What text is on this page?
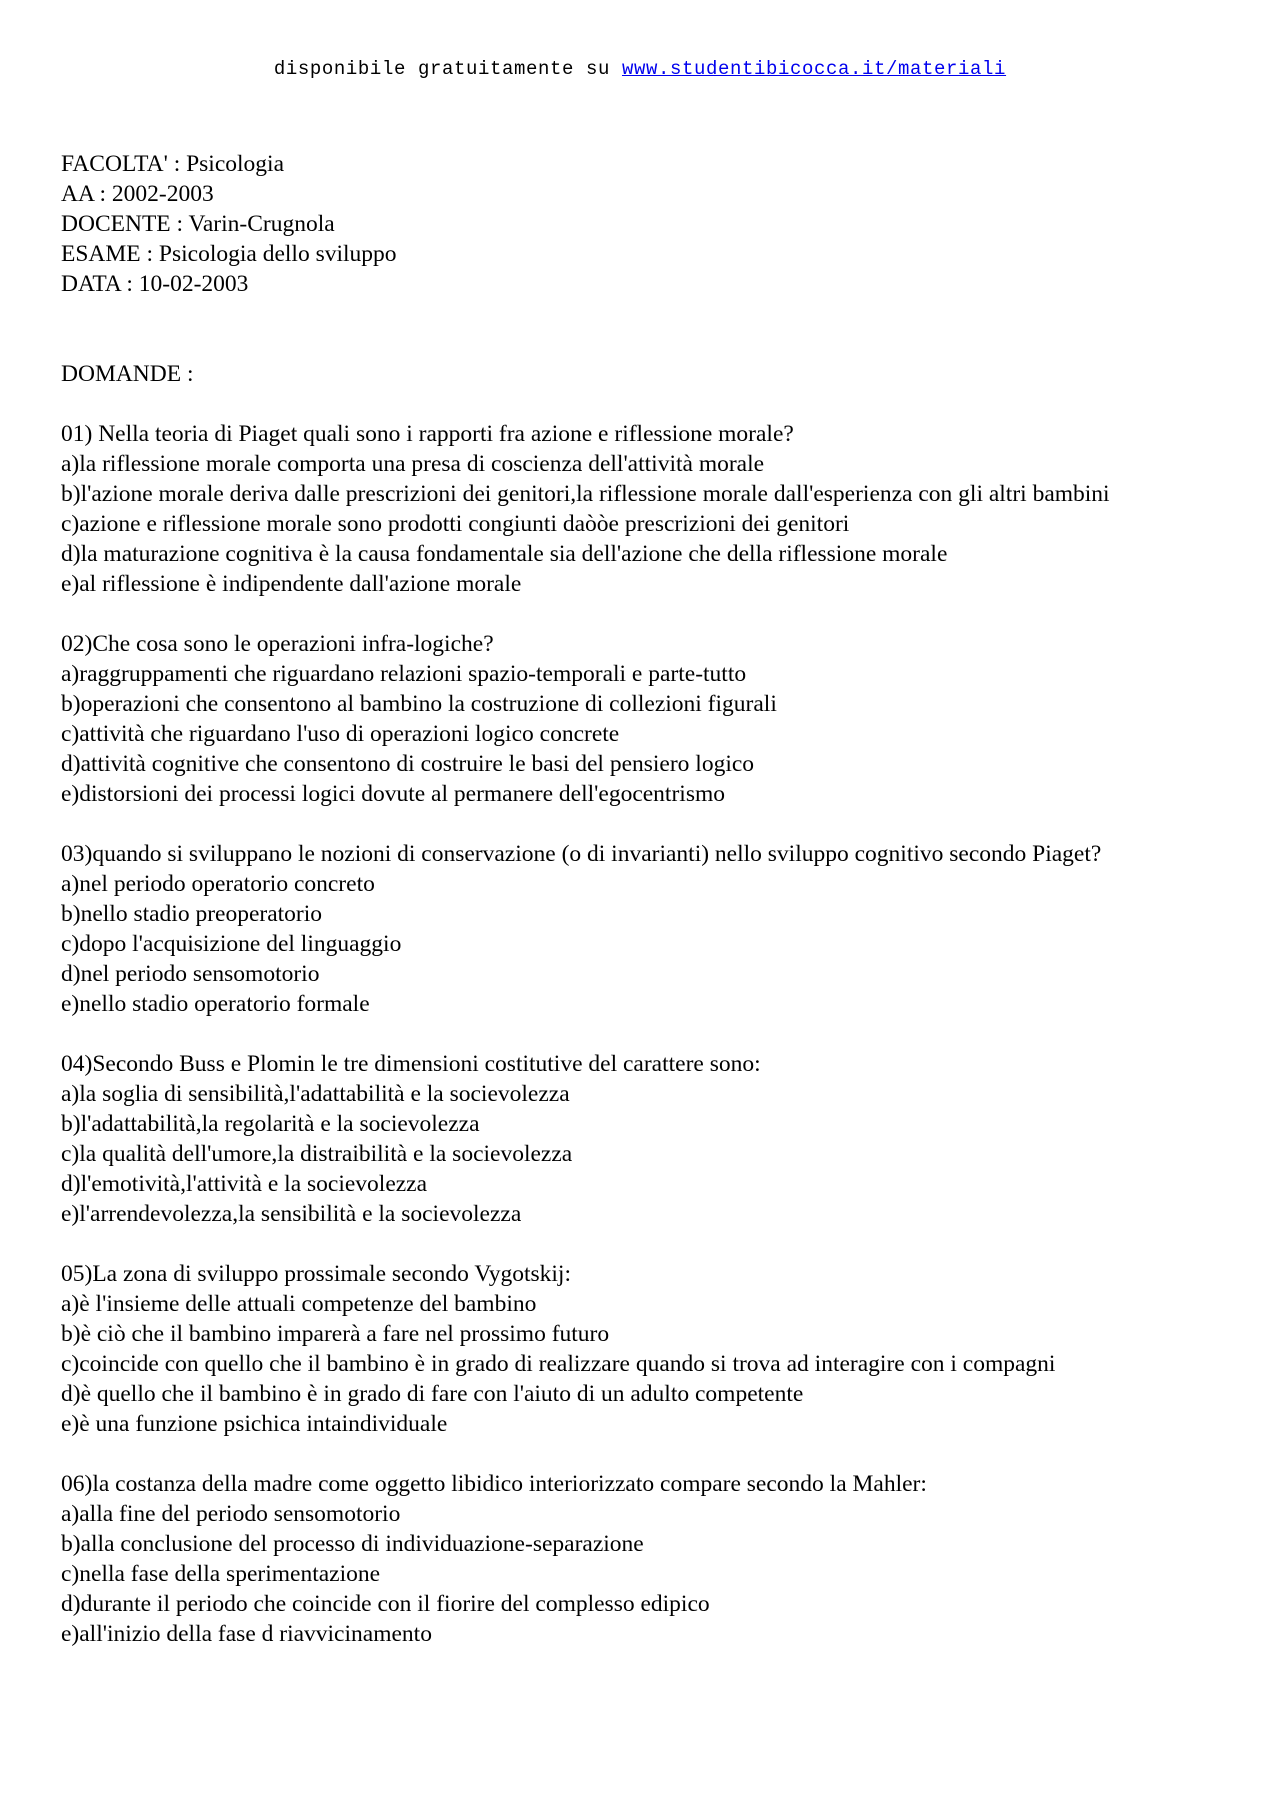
disponibile gratuitamente su www.studentibicocca.it/materiali
FACOLTA' : Psicologia
AA : 2002-2003
DOCENTE : Varin-Crugnola
ESAME : Psicologia dello sviluppo
DATA : 10-02-2003
DOMANDE :
01) Nella teoria di Piaget quali sono i rapporti fra azione e riflessione morale?
a)la riflessione morale comporta una presa di coscienza dell'attività morale
b)l'azione morale deriva dalle prescrizioni dei genitori,la riflessione morale dall'esperienza con gli altri bambini
c)azione e riflessione morale sono prodotti congiunti daòòe prescrizioni dei genitori
d)la maturazione cognitiva è la causa fondamentale sia dell'azione che della riflessione morale
e)al riflessione è indipendente dall'azione morale
02)Che cosa sono le operazioni infra-logiche?
a)raggruppamenti che riguardano relazioni spazio-temporali e parte-tutto
b)operazioni che consentono al bambino la costruzione di collezioni figurali
c)attività che riguardano l'uso di operazioni logico concrete
d)attività cognitive che consentono di costruire le basi del pensiero logico
e)distorsioni dei processi logici dovute al permanere dell'egocentrismo
03)quando si sviluppano le nozioni di conservazione (o di invarianti) nello sviluppo cognitivo secondo Piaget?
a)nel periodo operatorio concreto
b)nello stadio preoperatorio
c)dopo l'acquisizione del linguaggio
d)nel periodo sensomotorio
e)nello stadio operatorio formale
04)Secondo Buss e Plomin le tre dimensioni costitutive del carattere sono:
a)la soglia di sensibilità,l'adattabilità e la socievolezza
b)l'adattabilità,la regolarità e la socievolezza
c)la qualità dell'umore,la distraibilità e la socievolezza
d)l'emotività,l'attività e la socievolezza
e)l'arrendevolezza,la sensibilità e la socievolezza
05)La zona di sviluppo prossimale secondo Vygotskij:
a)è l'insieme delle attuali competenze del bambino
b)è ciò che il bambino imparerà a fare nel prossimo futuro
c)coincide con quello che il bambino è in grado di realizzare quando si trova ad interagire con i compagni
d)è quello che il bambino è in grado di fare con l'aiuto di un adulto competente
e)è una funzione psichica intaindividuale
06)la costanza della madre come oggetto libidico interiorizzato compare secondo la Mahler:
a)alla fine del periodo sensomotorio
b)alla conclusione del processo di individuazione-separazione
c)nella fase della sperimentazione
d)durante il periodo che coincide con il fiorire del complesso edipico
e)all'inizio della fase d riavvicinamento
